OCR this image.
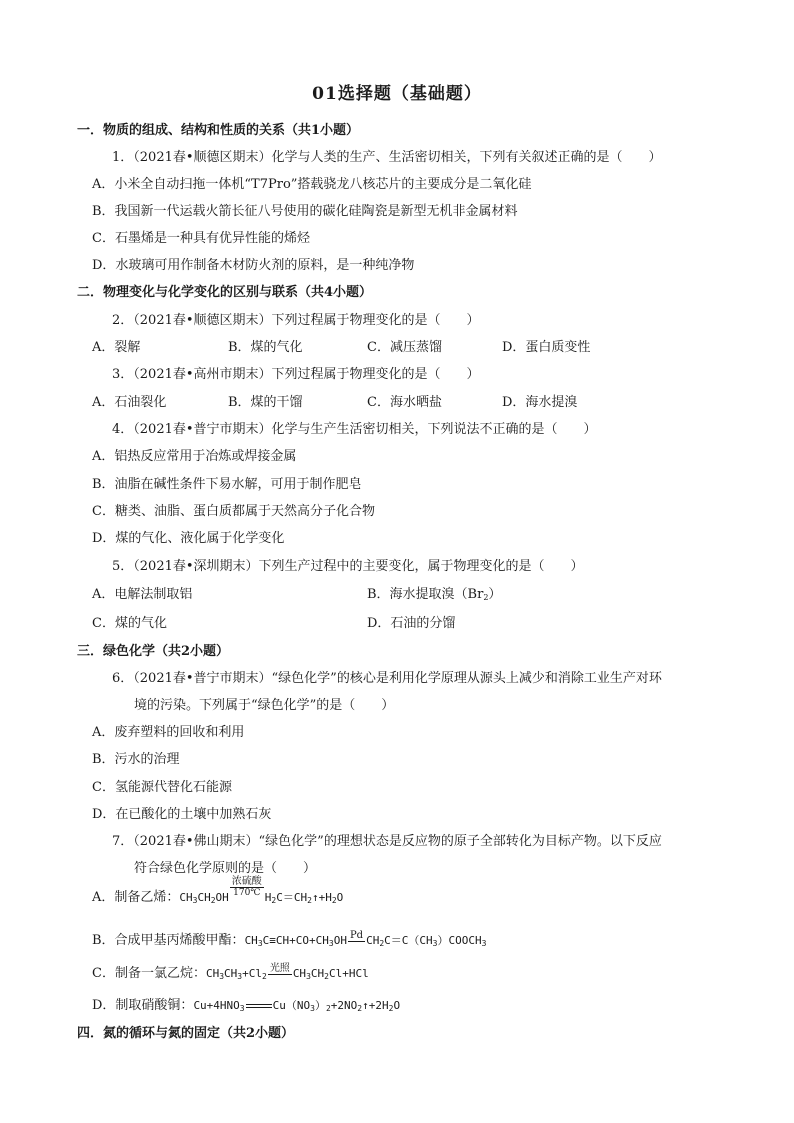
01选择题（基础题）
一．物质的组成、结构和性质的关系（共1小题）
1．（2021春•顺德区期末）化学与人类的生产、生活密切相关，下列有关叙述正确的是（　　）
A．小米全自动扫拖一体机“T7Pro”搭载骁龙八核芯片的主要成分是二氧化硅
B．我国新一代运载火箭长征八号使用的碳化硅陶瓷是新型无机非金属材料
C．石墨烯是一种具有优异性能的烯烃
D．水玻璃可用作制备木材防火剂的原料，是一种纯净物
二．物理变化与化学变化的区别与联系（共4小题）
2．（2021春•顺德区期末）下列过程属于物理变化的是（　　）
A．裂解	B．煤的气化	C．减压蒸馏	D．蛋白质变性
3．（2021春•高州市期末）下列过程属于物理变化的是（　　）
A．石油裂化	B．煤的干馏	C．海水晒盐	D．海水提溴
4．（2021春•普宁市期末）化学与生产生活密切相关，下列说法不正确的是（　　）
A．铝热反应常用于冶炼或焊接金属
B．油脂在碱性条件下易水解，可用于制作肥皂
C．糖类、油脂、蛋白质都属于天然高分子化合物
D．煤的气化、液化属于化学变化
5．（2021春•深圳期末）下列生产过程中的主要变化，属于物理变化的是（　　）
A．电解法制取铝	B．海水提取溴$(Br_2)$
C．煤的气化	D．石油的分馏
三．绿色化学（共2小题）
6．（2021春•普宁市期末）“绿色化学”的核心是利用化学原理从源头上减少和消除工业生产对环
境的污染。下列属于“绿色化学”的是（　　）
A．废弃塑料的回收和利用
B．污水的治理
C．氢能源代替化石能源
D．在已酸化的土壤中加熟石灰
7．（2021春•佛山期末）“绿色化学”的理想状态是反应物的原子全部转化为目标产物。以下反应
符合绿色化学原则的是（　　）
A．制备乙烯：$CH_3CH_2OH$
浓硫酸
170℃ $H_2C=CH_2↑+H_2O$
B．合成甲基丙烯酸甲酯：$CH_3C\equiv CH+CO+CH_3OH$ Pd $CH_2C=C(CH_3)COOCH_3$
C．制备一氯乙烷：$CH_3CH_3+Cl_2$
光照 $CH_3CH_2Cl+HCl$
D．制取硝酸铜：$Cu+4HNO_3$	$Cu(NO_3)_2+2NO_2↑+2H_2O$
四．氮的循环与氮的固定（共2小题）
